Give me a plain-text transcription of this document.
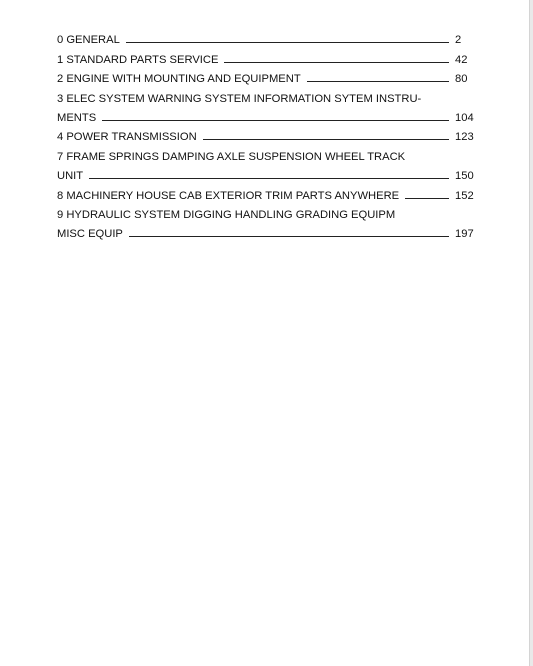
0 GENERAL	2
1 STANDARD PARTS SERVICE	42
2 ENGINE WITH MOUNTING AND EQUIPMENT	80
3 ELEC SYSTEM WARNING SYSTEM INFORMATION SYTEM INSTRU-
MENTS	104
4 POWER TRANSMISSION	123
7 FRAME SPRINGS DAMPING AXLE SUSPENSION WHEEL TRACK
UNIT	150
8 MACHINERY HOUSE CAB EXTERIOR TRIM PARTS ANYWHERE	152
9 HYDRAULIC SYSTEM DIGGING HANDLING GRADING EQUIPM
MISC EQUIP	197
